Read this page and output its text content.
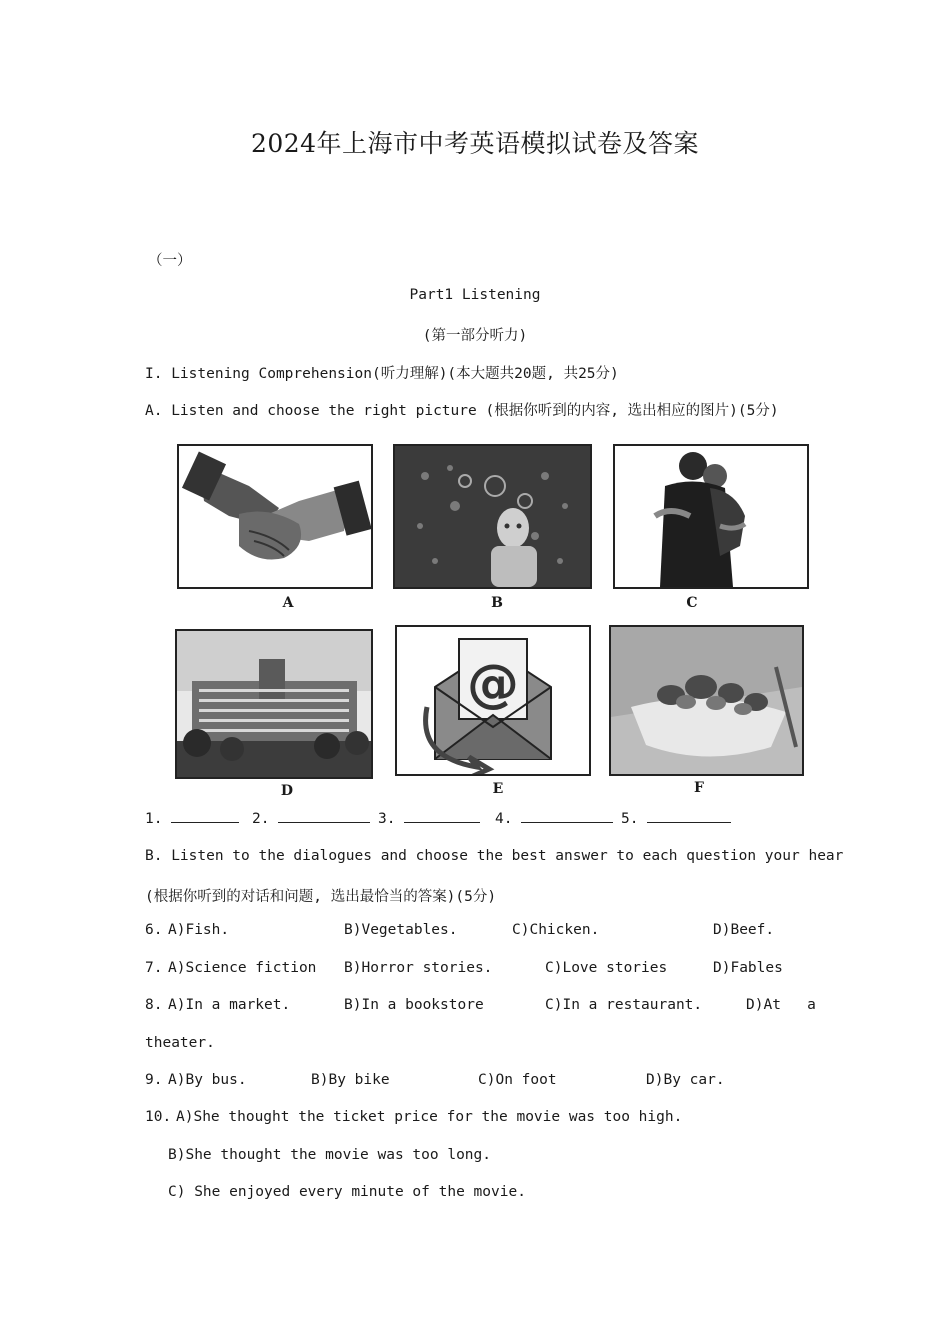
2024年上海市中考英语模拟试卷及答案
（一）
Part1 Listening
(第一部分听力)
I. Listening Comprehension(听力理解)(本大题共20题, 共25分)
A. Listen and choose the right picture (根据你听到的内容, 选出相应的图片)(5分)
A	B	C
D
@
E	F
1.	2.	3.	4.	5.
B. Listen to the dialogues and choose the best answer to each question your hear
(根据你听到的对话和问题, 选出最恰当的答案)(5分)
6. A)Fish.	B)Vegetables.	C)Chicken.	D)Beef.
7. A)Science fiction B)Horror stories.	C)Love stories	D)Fables
8. A)In a market.	B)In a bookstore	C)In a restaurant.	D)At   a
theater.
9. A)By bus.	B)By bike	C)On foot	D)By car.
10. A)She thought the ticket price for the movie was too high.
B)She thought the movie was too long.
C) She enjoyed every minute of the movie.
